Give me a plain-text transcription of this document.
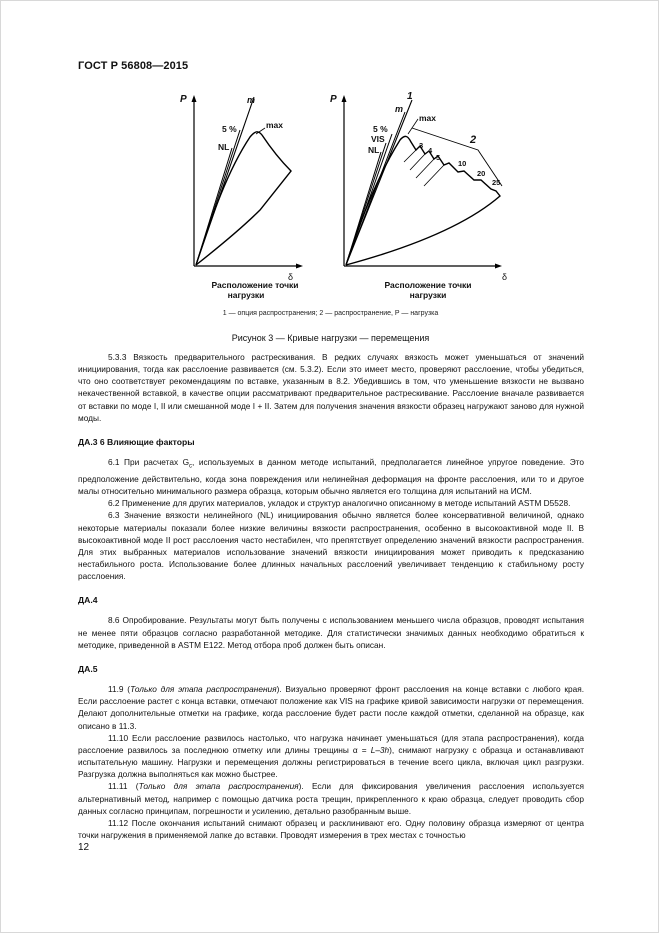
ГОСТ Р 56808—2015
P
δ
m
5 %	max
NL
Расположение точки
нагрузки
P
δ
m
1
5 %
VIS
max
NL
2
3
4
5
10
20
25
Расположение точки
нагрузки
1 — опция распространения; 2 — распространение, P — нагрузка
Рисунок 3 — Кривые нагрузки — перемещения

5.3.3 Вязкость предварительного растрескивания. В редких случаях вязкость может уменьшаться от значений инициирования, тогда как расслоение развивается (см. 5.3.2). Если это имеет место, проверяют расслоение, чтобы убедиться, что оно соответствует рекомендациям по вставке, указанным в 8.2. Убедившись в том, что уменьшение вязкости не вызвано некачественной вставкой, в качестве опции рассматривают предварительное растрескивание. Расслоение вначале развивается от вставки по моде I, II или смешанной моде I + II. Затем для получения значения вязкости образец нагружают заново для нужной моды.

ДА.3 6 Влияющие факторы

6.1 При расчетах $G_c$, используемых в данном методе испытаний, предполагается линейное упругое поведение. Это предположение действительно, когда зона повреждения или нелинейная деформация на фронте расслоения, или то и другое малы относительно минимального размера образца, которым обычно является его толщина для испытаний на ИСМ.

6.2 Применение для других материалов, укладок и структур аналогично описанному в методе испытаний ASTM D5528.

6.3 Значение вязкости нелинейного (NL) инициирования обычно является более консервативной величиной, однако некоторые материалы показали более низкие величины вязкости распространения, особенно в высокоактивной моде II. В высокоактивной моде II рост расслоения часто нестабилен, что препятствует определению значений вязкости распространения. Для этих выбранных материалов использование значений вязкости инициирования может приводить к предсказанию нестабильного роста. Использование более длинных начальных расслоений увеличивает тенденцию к стабильному росту расслоения.

ДА.4

8.6 Опробирование. Результаты могут быть получены с использованием меньшего числа образцов, проводят испытания не менее пяти образцов согласно разработанной методике. Для статистически значимых данных необходимо обратиться к методике, приведенной в ASTM E122. Метод отбора проб должен быть описан.

ДА.5

11.9 (Только для этапа распространения). Визуально проверяют фронт расслоения на конце вставки с любого края. Если расслоение растет с конца вставки, отмечают положение как VIS на графике кривой зависимости нагрузки от перемещения. Делают дополнительные отметки на графике, когда расслоение будет расти после каждой отметки, сделанной на образце, как описано в 11.3.

11.10 Если расслоение развилось настолько, что нагрузка начинает уменьшаться (для этапа распространения), когда расслоение развилось за последнюю отметку или длины трещины α = L–3h), снимают нагрузку с образца и останавливают испытательную машину. Нагрузки и перемещения должны регистрироваться в течение всего цикла, включая цикл разгрузки. Разгрузка должна выполняться как можно быстрее.

11.11 (Только для этапа распространения). Если для фиксирования увеличения расслоения используется альтернативный метод, например с помощью датчика роста трещин, прикрепленного к краю образца, следует проводить сбор данных согласно принципам, погрешности и усилению, детально разобранным выше.

11.12 После окончания испытаний снимают образец и расклинивают его. Одну половину образца измеряют от центра точки нагружения в применяемой лапке до вставки. Проводят измерения в трех местах с точностью

12
